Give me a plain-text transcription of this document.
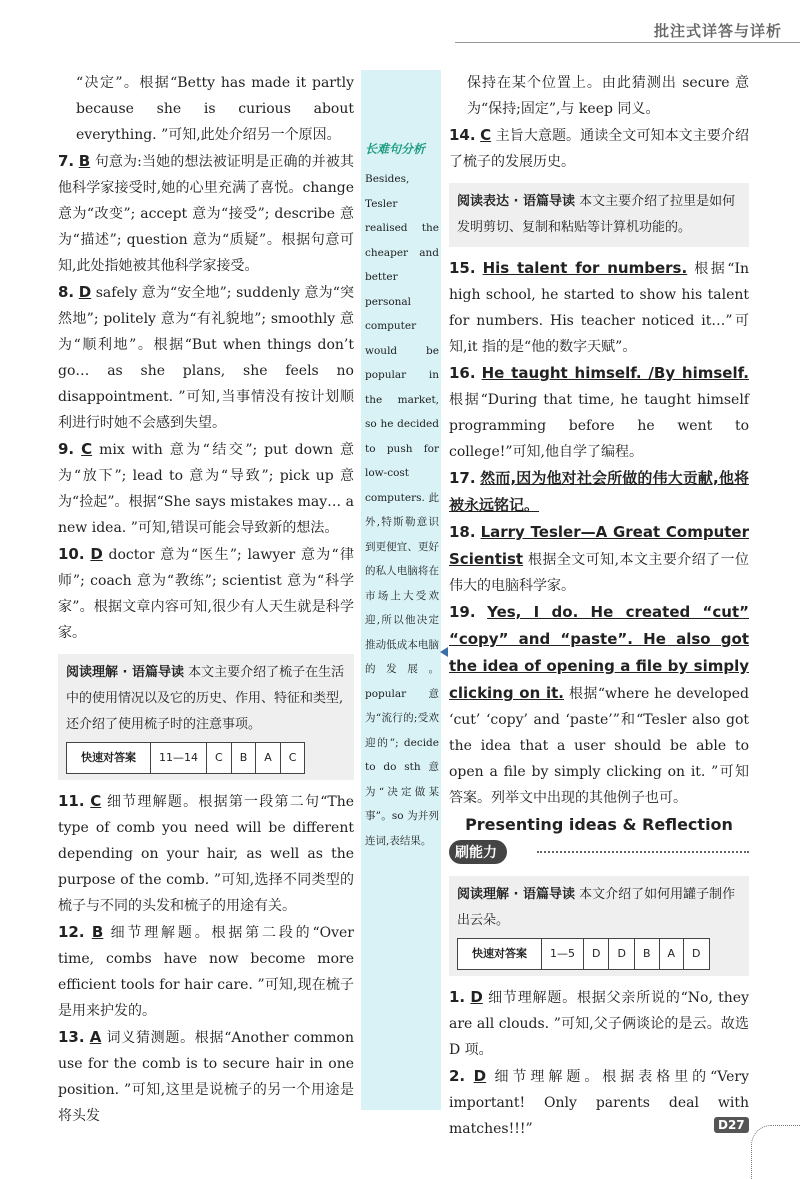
批注式详答与详析

“决定”。根据“Betty has made it partly because she is curious about everything. ”可知,此处介绍另一个原因。

7. B 句意为:当她的想法被证明是正确的并被其他科学家接受时,她的心里充满了喜悦。change 意为“改变”; accept 意为“接受”; describe 意为“描述”; question 意为“质疑”。根据句意可知,此处指她被其他科学家接受。

8. D safely 意为“安全地”; suddenly 意为“突然地”; politely 意为“有礼貌地”; smoothly 意为“顺利地”。根据“But when things don’t go… as she plans, she feels no disappointment. ”可知,当事情没有按计划顺利进行时她不会感到失望。

9. C mix with 意为“结交”; put down 意为“放下”; lead to 意为“导致”; pick up 意为“捡起”。根据“She says mistakes may… a new idea. ”可知,错误可能会导致新的想法。

10. D doctor 意为“医生”; lawyer 意为“律师”; coach 意为“教练”; scientist 意为“科学家”。根据文章内容可知,很少有人天生就是科学家。

阅读理解 · 语篇导读 本文主要介绍了梳子在生活中的使用情况以及它的历史、作用、特征和类型,还介绍了使用梳子时的注意事项。
快速对答案	11—14	C	B	A	C

11. C 细节理解题。根据第一段第二句“The type of comb you need will be different depending on your hair, as well as the purpose of the comb. ”可知,选择不同类型的梳子与不同的头发和梳子的用途有关。

12. B 细节理解题。根据第二段的“Over time, combs have now become more efficient tools for hair care. ”可知,现在梳子是用来护发的。

13. A 词义猜测题。根据“Another common use for the comb is to secure hair in one position. ”可知,这里是说梳子的另一个用途是将头发

长难句分析
Besides, Tesler realised the cheaper and better personal computer would be popular in the market, so he decided to push for low-cost computers. 此外,特斯勒意识到更便宜、更好的私人电脑将在市场上大受欢迎,所以他决定推动低成本电脑的发展。popular 意为“流行的;受欢迎的”; decide to do sth 意为“决定做某事”。so 为并列连词,表结果。

保持在某个位置上。由此猜测出 secure 意为“保持;固定”,与 keep 同义。

14. C 主旨大意题。通读全文可知本文主要介绍了梳子的发展历史。

阅读表达 · 语篇导读 本文主要介绍了拉里是如何发明剪切、复制和粘贴等计算机功能的。

15. His talent for numbers. 根据“In high school, he started to show his talent for numbers. His teacher noticed it…”可知,it 指的是“他的数字天赋”。

16. He taught himself. /By himself. 根据“During that time, he taught himself programming before he went to college!”可知,他自学了编程。

17. 然而,因为他对社会所做的伟大贡献,他将被永远铭记。

18. Larry Tesler—A Great Computer Scientist 根据全文可知,本文主要介绍了一位伟大的电脑科学家。

19. Yes, I do. He created “cut” “copy” and “paste”. He also got the idea of opening a file by simply clicking on it. 根据“where he developed ‘cut’ ‘copy’ and ‘paste’”和“Tesler also got the idea that a user should be able to open a file by simply clicking on it. ”可知答案。列举文中出现的其他例子也可。

Presenting ideas & Reflection
刷能力
阅读理解 · 语篇导读 本文介绍了如何用罐子制作出云朵。
快速对答案	1—5	D	D	B	A	D

1. D 细节理解题。根据父亲所说的“No, they are all clouds. ”可知,父子俩谈论的是云。故选 D 项。

2. D 细节理解题。根据表格里的“Very important! Only parents deal with matches!!!”	D27
